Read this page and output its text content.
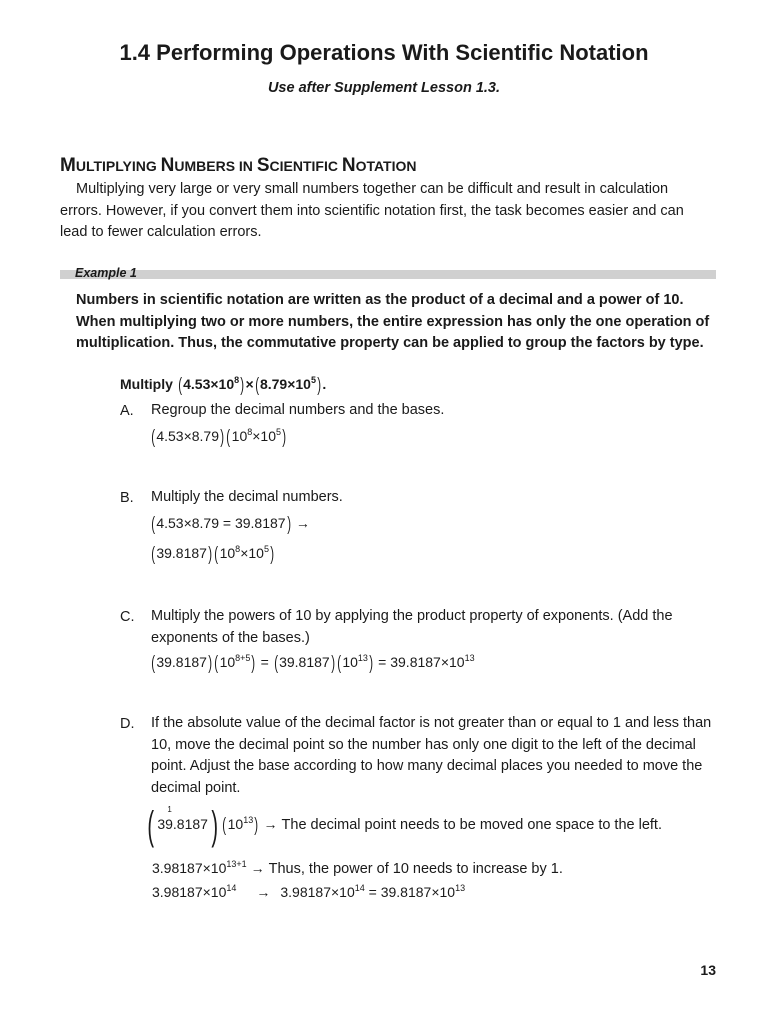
1.4 Performing Operations With Scientific Notation
Use after Supplement Lesson 1.3.
MULTIPLYING NUMBERS IN SCIENTIFIC NOTATION
Multiplying very large or very small numbers together can be difficult and result in calculation errors. However, if you convert them into scientific notation first, the task becomes easier and can lead to fewer calculation errors.
Example 1
Numbers in scientific notation are written as the product of a decimal and a power of 10. When multiplying two or more numbers, the entire expression has only the one operation of multiplication. Thus, the commutative property can be applied to group the factors by type.
Multiply $(4.53\times 10^8)\times(8.79\times 10^5)$.
A. Regroup the decimal numbers and the bases.
(4.53×8.79) $(10^8\times 10^5)$
B. Multiply the decimal numbers.
(4.53×8.79 = 39.8187) →
(39.8187) $(10^8\times 10^5)$
C. Multiply the powers of 10 by applying the product property of exponents. (Add the exponents of the bases.)
(39.8187) $(10^{8+5}) = (39.8187) (10^{13}) = 39.8187\times 10^{13}$
D. If the absolute value of the decimal factor is not greater than or equal to 1 and less than 10, move the decimal point so the number has only one digit to the left of the decimal point. Adjust the base according to how many decimal places you needed to move the decimal point.
( 1
39.8187) $(10^{13})$ → The decimal point needs to be moved one space to the left.
$3.98187\times 10^{13+1}$ → Thus, the power of 10 needs to increase by 1.
$3.98187\times 10^{14} \to 3.98187\times 10^{14} = 39.8187\times 10^{13}$
13
